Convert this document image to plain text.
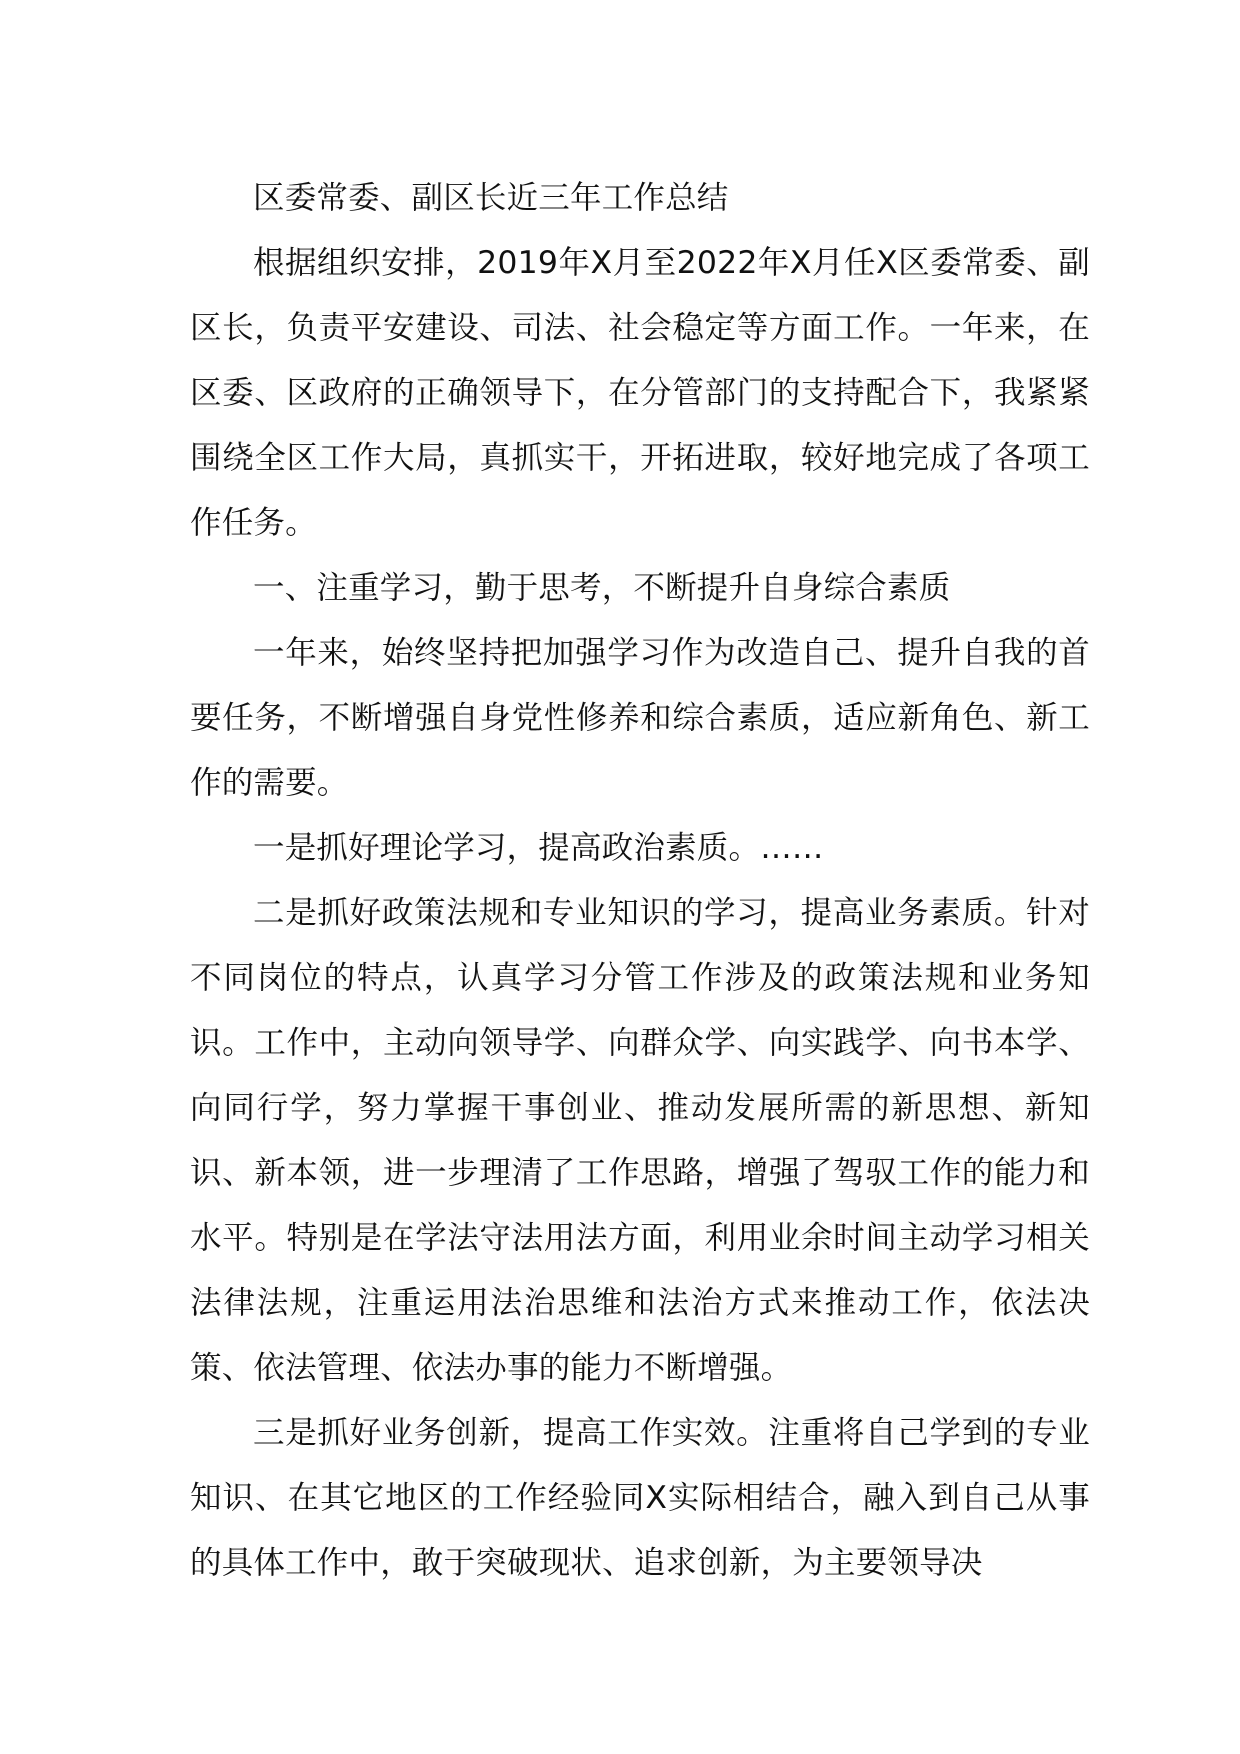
区委常委、副区长近三年工作总结

根据组织安排，2019年X月至2022年X月任X区委常委、副区长，负责平安建设、司法、社会稳定等方面工作。一年来，在区委、区政府的正确领导下，在分管部门的支持配合下，我紧紧围绕全区工作大局，真抓实干，开拓进取，较好地完成了各项工作任务。

一、注重学习，勤于思考，不断提升自身综合素质

一年来，始终坚持把加强学习作为改造自己、提升自我的首要任务，不断增强自身党性修养和综合素质，适应新角色、新工作的需要。

一是抓好理论学习，提高政治素质。……

二是抓好政策法规和专业知识的学习，提高业务素质。针对不同岗位的特点，认真学习分管工作涉及的政策法规和业务知识。工作中，主动向领导学、向群众学、向实践学、向书本学、向同行学，努力掌握干事创业、推动发展所需的新思想、新知识、新本领，进一步理清了工作思路，增强了驾驭工作的能力和水平。特别是在学法守法用法方面，利用业余时间主动学习相关法律法规，注重运用法治思维和法治方式来推动工作，依法决策、依法管理、依法办事的能力不断增强。

三是抓好业务创新，提高工作实效。注重将自己学到的专业知识、在其它地区的工作经验同X实际相结合，融入到自己从事的具体工作中，敢于突破现状、追求创新，为主要领导决
